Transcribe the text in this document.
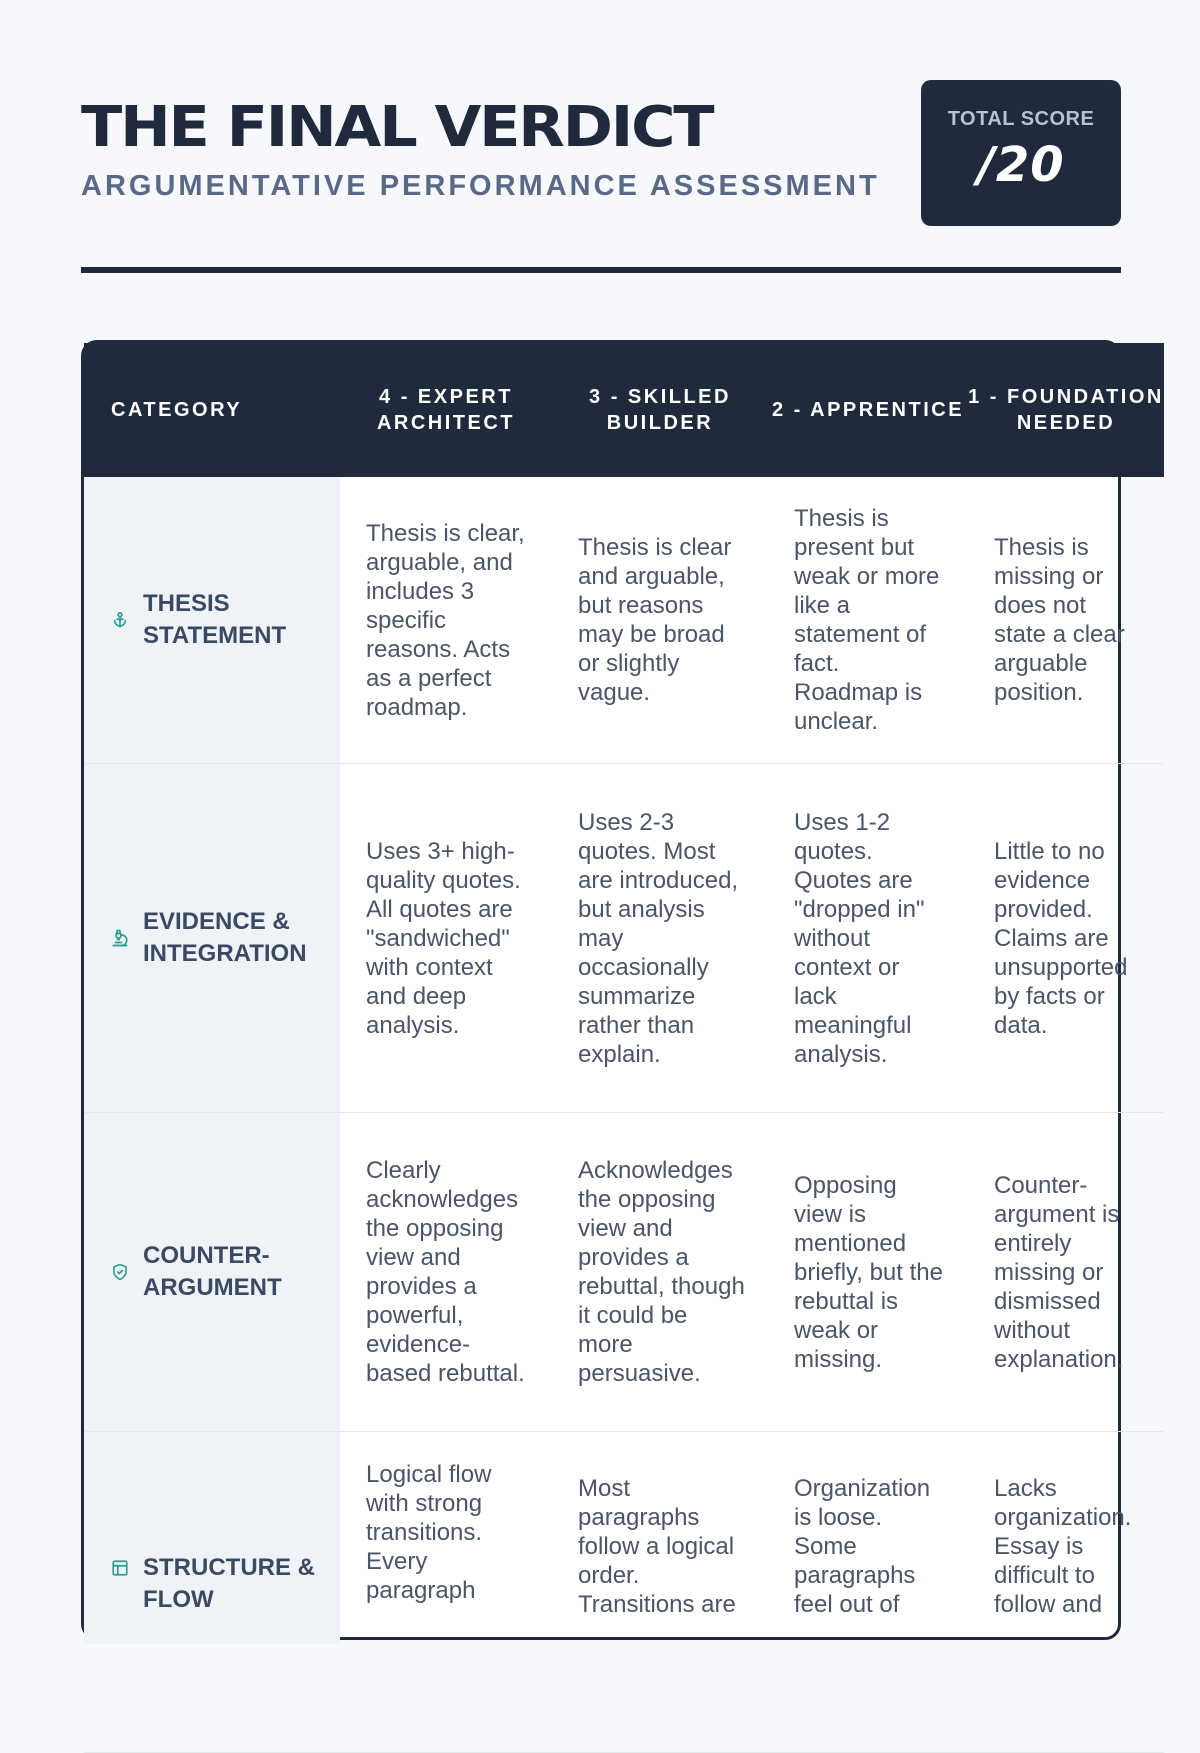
THE FINAL VERDICT
ARGUMENTATIVE PERFORMANCE ASSESSMENT
TOTAL SCORE
/20
CATEGORY
4 - EXPERT ARCHITECT
3 - SKILLED BUILDER
2 - APPRENTICE
1 - FOUNDATION NEEDED
THESIS STATEMENT
Thesis is clear, arguable, and includes 3 specific reasons. Acts as a perfect roadmap.
Thesis is clear and arguable, but reasons may be broad or slightly vague.
Thesis is present but weak or more like a statement of fact. Roadmap is unclear.
Thesis is missing or does not state a clear arguable position.
EVIDENCE & INTEGRATION
Uses 3+ high-quality quotes. All quotes are "sandwiched" with context and deep analysis.
Uses 2-3 quotes. Most are introduced, but analysis may occasionally summarize rather than explain.
Uses 1-2 quotes. Quotes are "dropped in" without context or lack meaningful analysis.
Little to no evidence provided. Claims are unsupported by facts or data.
COUNTER-ARGUMENT
Clearly acknowledges the opposing view and provides a powerful, evidence-based rebuttal.
Acknowledges the opposing view and provides a rebuttal, though it could be more persuasive.
Opposing view is mentioned briefly, but the rebuttal is weak or missing.
Counter-argument is entirely missing or dismissed without explanation.
STRUCTURE & FLOW
Logical flow with strong transitions. Every paragraph
Most paragraphs follow a logical order. Transitions are
Organization is loose. Some paragraphs feel out of
Lacks organization. Essay is difficult to follow and
